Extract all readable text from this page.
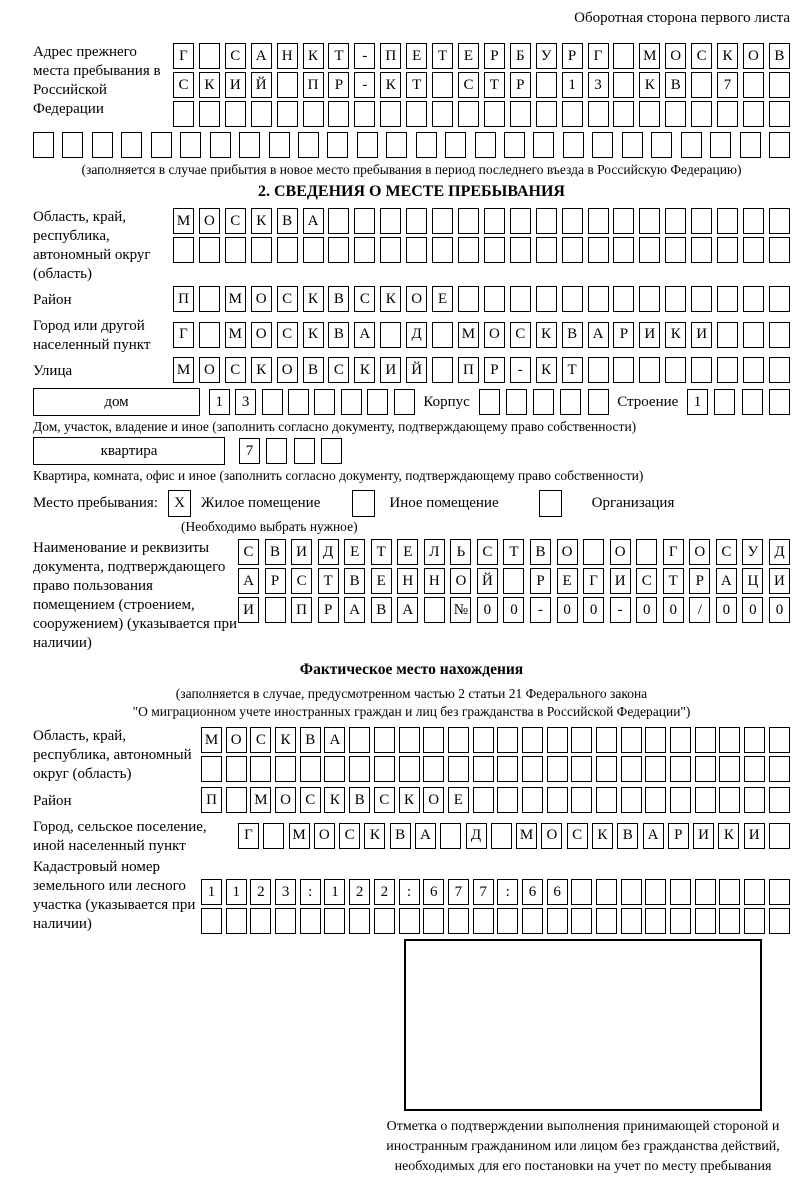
Оборотная сторона первого листа
Адрес прежнего места пребывания в Российской Федерации
Г	С	А	Н	К	Т	-	П	Е	Т	Е	Р	Б	У	Р	Г	М О	С	К	О	В
С	К	И	Й	П	Р	-	К	Т	С	Т	Р	1	3	К	В	7
(заполняется в случае прибытия в новое место пребывания в период последнего въезда в Российскую Федерацию)
2. СВЕДЕНИЯ О МЕСТЕ ПРЕБЫВАНИЯ
Область, край, республика, автономный округ (область)
М О	С	К	В	А
Район	П	М О	С	К	В	С	К	О	Е
Город или другой населенный пункт
Г	М О	С	К	В	А	Д	М О	С	К	В	А	Р	И	К	И
Улица	М О	С	К	О	В	С	К	И	Й	П	Р	-	К	Т
дом	1	3	Корпус	Строение	1
Дом, участок, владение и иное (заполнить согласно документу, подтверждающему право собственности)
квартира	7
Квартира, комната, офис и иное (заполнить согласно документу, подтверждающему право собственности)
Место пребывания:	X	Жилое помещение	Иное помещение	Организация
(Необходимо выбрать нужное)
Наименование и реквизиты документа, подтверждающего право пользования помещением (строением, сооружением) (указывается при наличии)
С	В	И	Д	Е	Т	Е	Л	Ь	С	Т	В	О	О	Г	О	С	У	Д
А	Р	С	Т	В	Е	Н	Н	О	Й	Р	Е	Г	И	С	Т	Р	А	Ц	И
И	П	Р	А	В	А	№	0	0	-	0	0	-	0	0	/	0	0	0
Фактическое место нахождения
(заполняется в случае, предусмотренном частью 2 статьи 21 Федерального закона
"О миграционном учете иностранных граждан и лиц без гражданства в Российской Федерации")
Область, край, республика, автономный округ (область)
М О С К В А
Район	П	М О С К В С К О Е
Город, сельское поселение, иной населенный пункт
Г	М О С	К	В А	Д	М О С	К	В А	Р	И К И
Кадастровый номер земельного или лесного участка (указывается при наличии)
1	1	2	3	:	1	2	2	:	6	7	7	:	6	6
Отметка о подтверждении выполнения принимающей стороной и иностранным гражданином или лицом без гражданства действий, необходимых для его постановки на учет по месту пребывания
